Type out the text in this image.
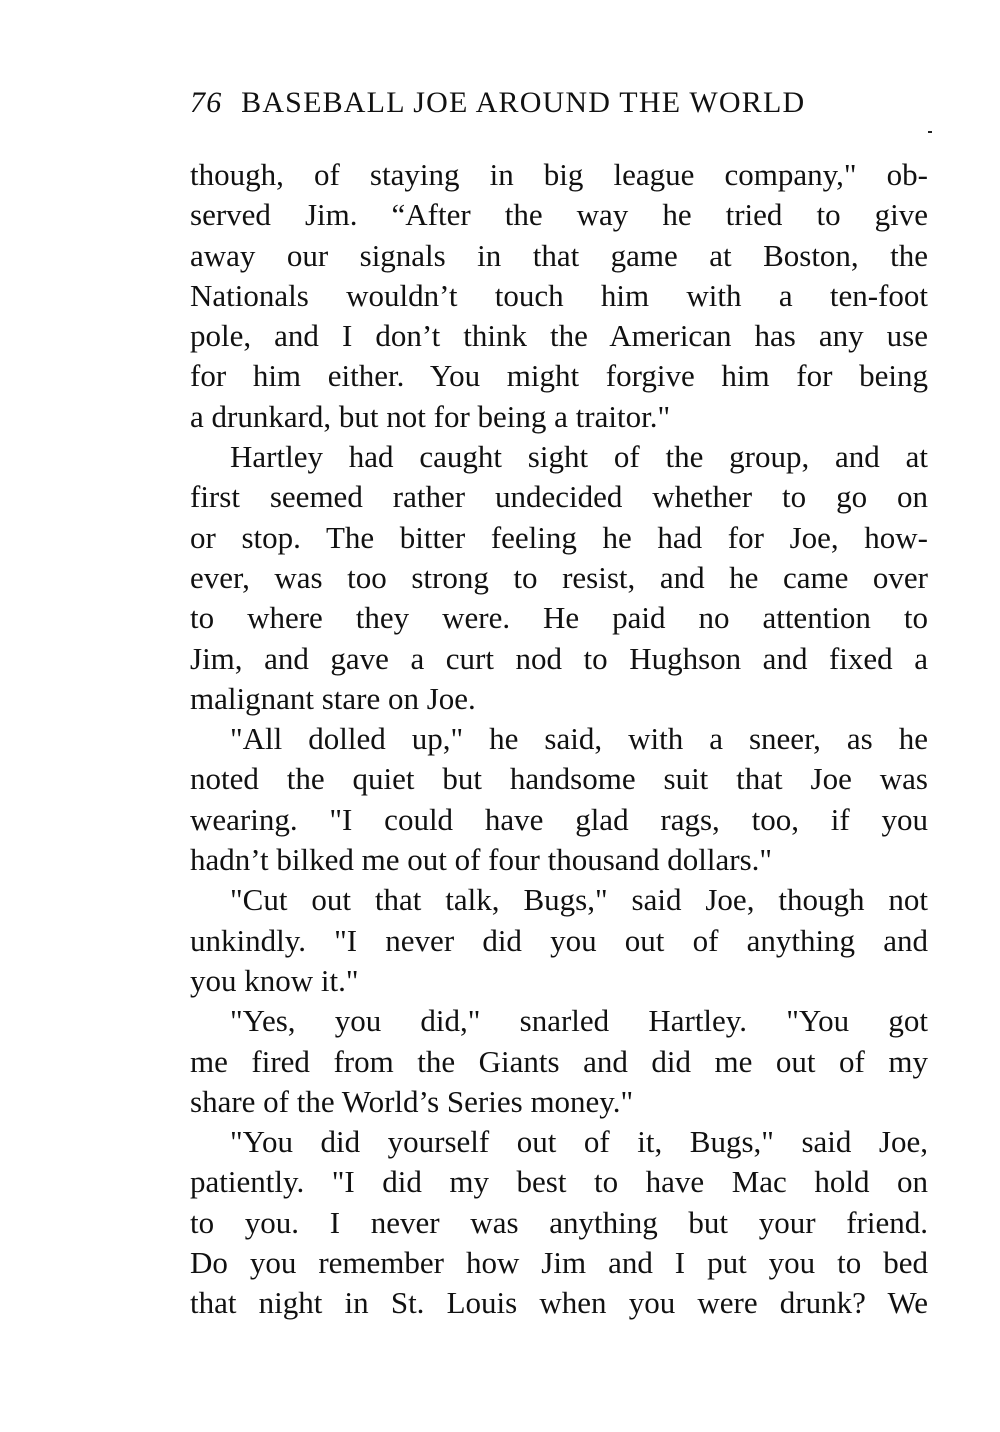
76 BASEBALL JOE AROUND THE WORLD
though, of staying in big league company," ob-
served Jim. “After the way he tried to give
away our signals in that game at Boston, the
Nationals wouldn’t touch him with a ten-foot
pole, and I don’t think the American has any use
for him either. You might forgive him for being
a drunkard, but not for being a traitor."
Hartley had caught sight of the group, and at
first seemed rather undecided whether to go on
or stop. The bitter feeling he had for Joe, how-
ever, was too strong to resist, and he came over
to where they were. He paid no attention to
Jim, and gave a curt nod to Hughson and fixed a
malignant stare on Joe.
"All dolled up," he said, with a sneer, as he
noted the quiet but handsome suit that Joe was
wearing. "I could have glad rags, too, if you
hadn’t bilked me out of four thousand dollars."
"Cut out that talk, Bugs," said Joe, though not
unkindly. "I never did you out of anything and
you know it."
"Yes, you did," snarled Hartley. "You got
me fired from the Giants and did me out of my
share of the World’s Series money."
"You did yourself out of it, Bugs," said Joe,
patiently. "I did my best to have Mac hold on
to you. I never was anything but your friend.
Do you remember how Jim and I put you to bed
that night in St. Louis when you were drunk? We
